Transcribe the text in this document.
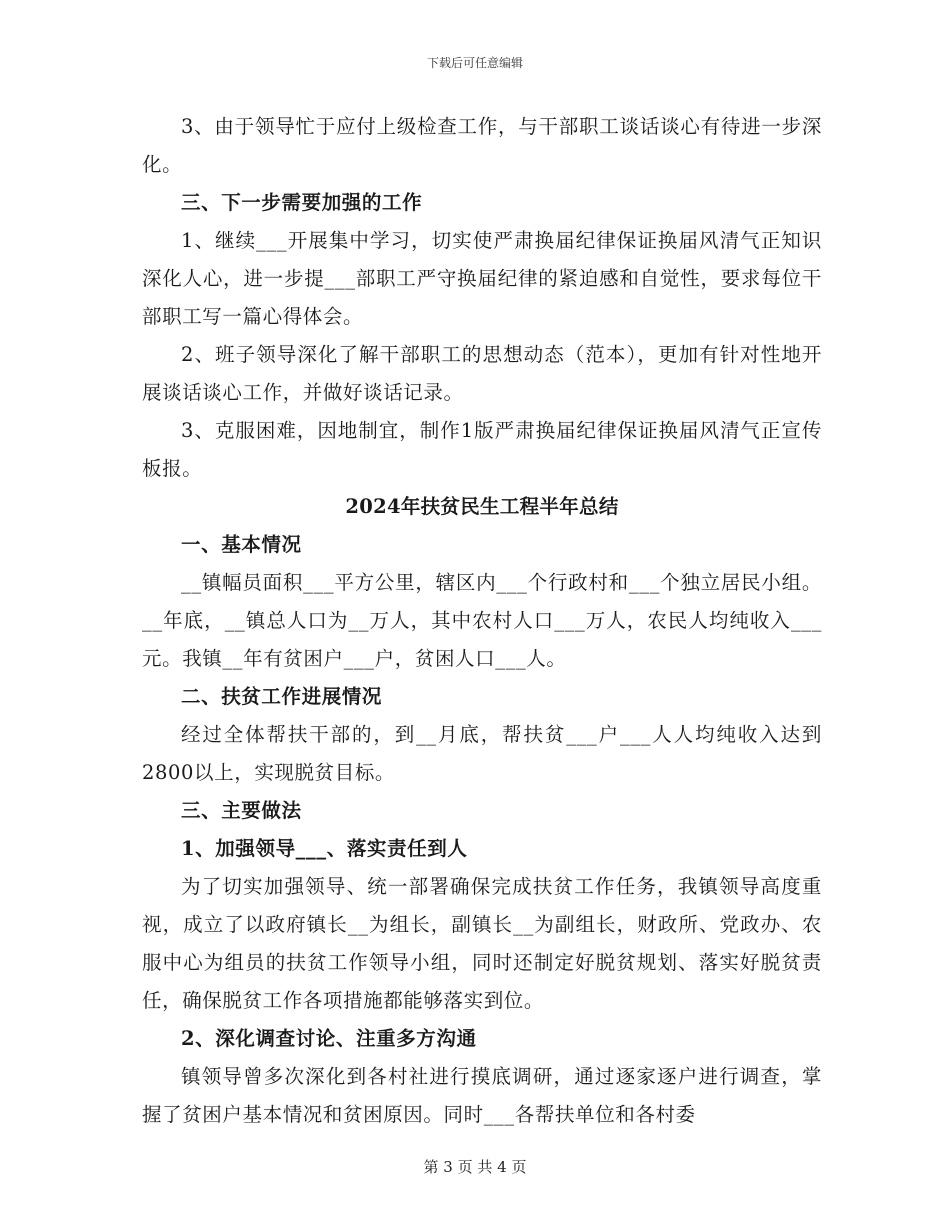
下载后可任意编辑

3、由于领导忙于应付上级检查工作，与干部职工谈话谈心有待进一步深化。

三、下一步需要加强的工作

1、继续___开展集中学习，切实使严肃换届纪律保证换届风清气正知识深化人心，进一步提___部职工严守换届纪律的紧迫感和自觉性，要求每位干部职工写一篇心得体会。

2、班子领导深化了解干部职工的思想动态（范本），更加有针对性地开展谈话谈心工作，并做好谈话记录。

3、克服困难，因地制宜，制作1版严肃换届纪律保证换届风清气正宣传板报。

2024年扶贫民生工程半年总结

一、基本情况

__镇幅员面积___平方公里，辖区内___个行政村和___个独立居民小组。__年底，__镇总人口为__万人，其中农村人口___万人，农民人均纯收入___元。我镇__年有贫困户___户，贫困人口___人。

二、扶贫工作进展情况

经过全体帮扶干部的，到__月底，帮扶贫___户___人人均纯收入达到2800以上，实现脱贫目标。

三、主要做法

1、加强领导___、落实责任到人

为了切实加强领导、统一部署确保完成扶贫工作任务，我镇领导高度重视，成立了以政府镇长__为组长，副镇长__为副组长，财政所、党政办、农服中心为组员的扶贫工作领导小组，同时还制定好脱贫规划、落实好脱贫责任，确保脱贫工作各项措施都能够落实到位。

2、深化调查讨论、注重多方沟通

镇领导曾多次深化到各村社进行摸底调研，通过逐家逐户进行调查，掌握了贫困户基本情况和贫困原因。同时___各帮扶单位和各村委

第 3 页 共 4 页
